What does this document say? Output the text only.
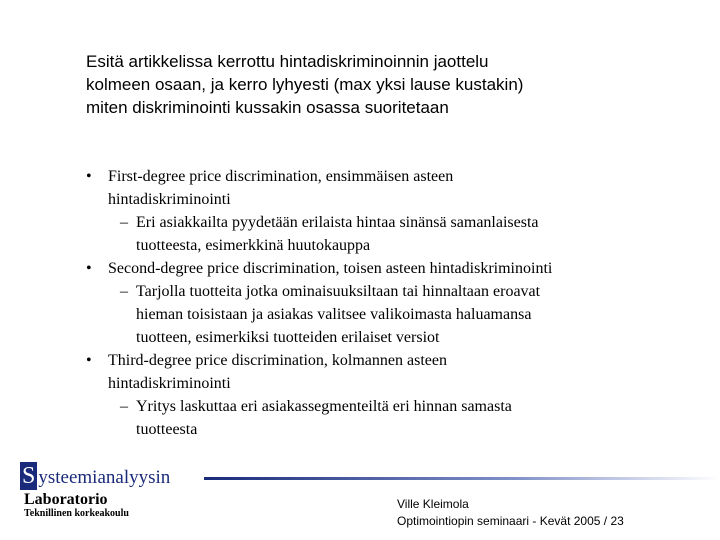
Esitä artikkelissa kerrottu hintadiskriminoinnin jaottelu
kolmeen osaan, ja kerro lyhyesti (max yksi lause kustakin)
miten diskriminointi kussakin osassa suoritetaan
• First-degree price discrimination, ensimmäisen asteen
hintadiskriminointi
– Eri asiakkailta pyydetään erilaista hintaa sinänsä samanlaisesta
tuotteesta, esimerkkinä huutokauppa
• Second-degree price discrimination, toisen asteen hintadiskriminointi
– Tarjolla tuotteita jotka ominaisuuksiltaan tai hinnaltaan eroavat
hieman toisistaan ja asiakas valitsee valikoimasta haluamansa
tuotteen, esimerkiksi tuotteiden erilaiset versiot
• Third-degree price discrimination, kolmannen asteen
hintadiskriminointi
– Yritys laskuttaa eri asiakassegmenteiltä eri hinnan samasta
tuotteesta
S ysteemianalyysin
Laboratorio
Teknillinen korkeakoulu
Ville Kleimola
Optimointiopin seminaari - Kevät 2005 / 23
